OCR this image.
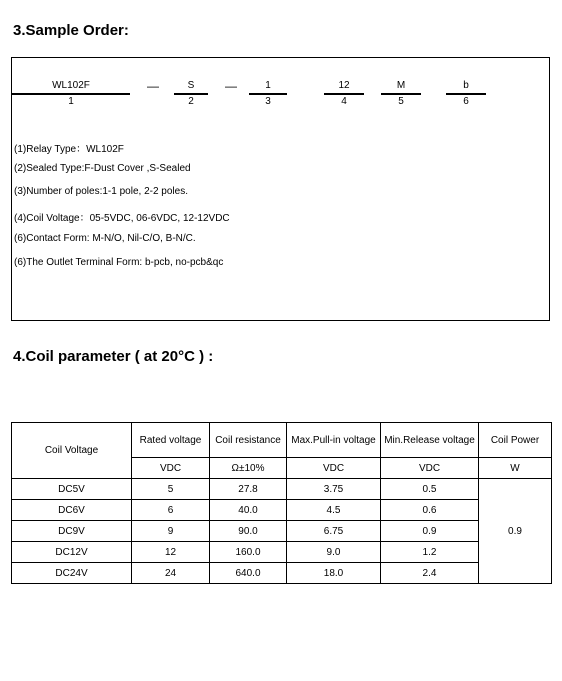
3.Sample Order:
WL102F
1
—	S
2
—	1
3
12
4
M
5
b
6
(1)Relay Type：WL102F
(2)Sealed Type:F-Dust Cover ,S-Sealed
(3)Number of poles:1-1 pole, 2-2 poles.
(4)Coil Voltage：05-5VDC, 06-6VDC, 12-12VDC
(6)Contact Form: M-N/O, Nil-C/O, B-N/C.
(6)The Outlet Terminal Form: b-pcb, no-pcb&qc
4.Coil parameter ( at 20°C ) :
Coil Voltage	Rated voltage	Coil resistance	Max.Pull-in voltage	Min.Release voltage	Coil Power
	VDC	Ω±10%	VDC	VDC	W
DC5V	5	27.8	3.75	0.5	0.9
DC6V	6	40.0	4.5	0.6	
DC9V	9	90.0	6.75	0.9	
DC12V	12	160.0	9.0	1.2	
DC24V	24	640.0	18.0	2.4	
